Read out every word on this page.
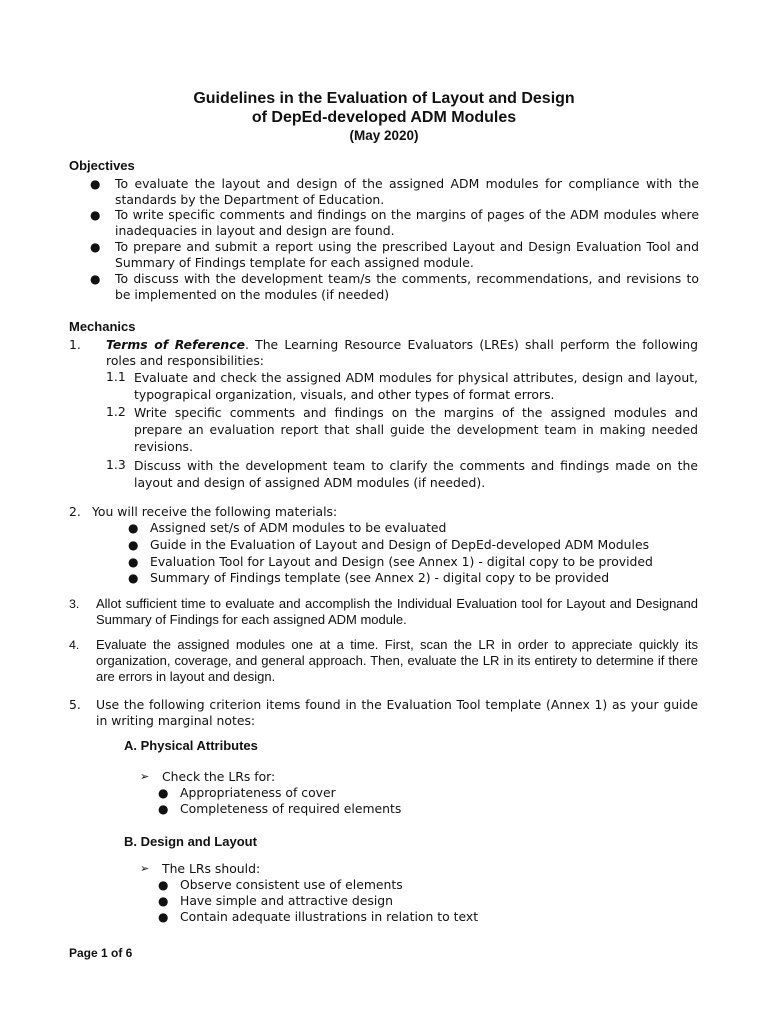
Guidelines in the Evaluation of Layout and Design
of DepEd-developed ADM Modules
(May 2020)
Objectives
● To evaluate the layout and design of the assigned ADM modules for compliance with the standards by the Department of Education.
● To write specific comments and findings on the margins of pages of the ADM modules where inadequacies in layout and design are found.
● To prepare and submit a report using the prescribed Layout and Design Evaluation Tool and Summary of Findings template for each assigned module.
● To discuss with the development team/s the comments, recommendations, and revisions to be implemented on the modules (if needed)
Mechanics
1. Terms of Reference. The Learning Resource Evaluators (LREs) shall perform the following roles and responsibilities:
1.1 Evaluate and check the assigned ADM modules for physical attributes, design and layout, typograpical organization, visuals, and other types of format errors.
1.2 Write specific comments and findings on the margins of the assigned modules and prepare an evaluation report that shall guide the development team in making needed revisions.
1.3 Discuss with the development team to clarify the comments and findings made on the layout and design of assigned ADM modules (if needed).
2. You will receive the following materials:
● Assigned set/s of ADM modules to be evaluated
● Guide in the Evaluation of Layout and Design of DepEd-developed ADM Modules
● Evaluation Tool for Layout and Design (see Annex 1) - digital copy to be provided
● Summary of Findings template (see Annex 2) - digital copy to be provided
3. Allot sufficient time to evaluate and accomplish the Individual Evaluation tool for Layout and Designand Summary of Findings for each assigned ADM module.
4. Evaluate the assigned modules one at a time. First, scan the LR in order to appreciate quickly its organization, coverage, and general approach. Then, evaluate the LR in its entirety to determine if there are errors in layout and design.
5. Use the following criterion items found in the Evaluation Tool template (Annex 1) as your guide in writing marginal notes:
A. Physical Attributes
➢ Check the LRs for:
● Appropriateness of cover
● Completeness of required elements
B. Design and Layout
➢ The LRs should:
● Observe consistent use of elements
● Have simple and attractive design
● Contain adequate illustrations in relation to text
Page 1 of 6
